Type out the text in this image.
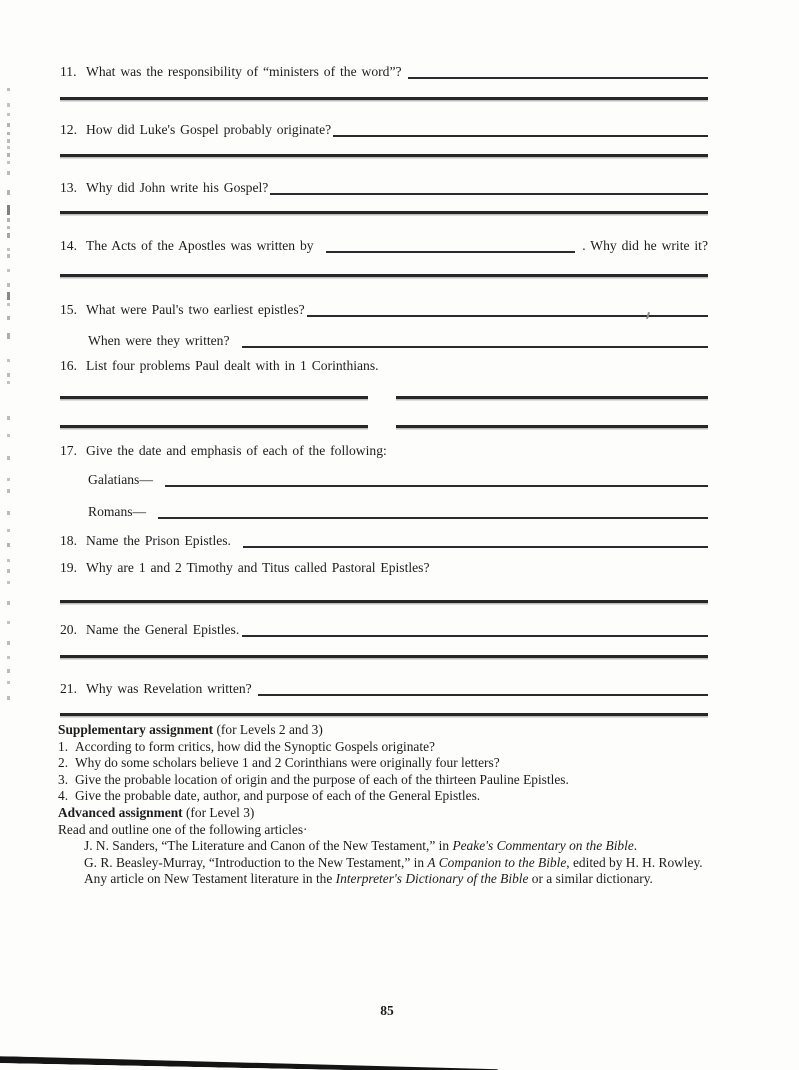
11. What was the responsibility of “ministers of the word”?
12. How did Luke's Gospel probably originate?
13. Why did John write his Gospel?
14. The Acts of the Apostles was written by	. Why did he write it?
15. What were Paul's two earliest epistles?
When were they written?
16. List four problems Paul dealt with in 1 Corinthians.
17. Give the date and emphasis of each of the following:
Galatians—
Romans—
18. Name the Prison Epistles.
19. Why are 1 and 2 Timothy and Titus called Pastoral Epistles?
20. Name the General Epistles.
21. Why was Revelation written?

Supplementary assignment (for Levels 2 and 3)

1. According to form critics, how did the Synoptic Gospels originate?

2. Why do some scholars believe 1 and 2 Corinthians were originally four letters?

3. Give the probable location of origin and the purpose of each of the thirteen Pauline Epistles.

4. Give the probable date, author, and purpose of each of the General Epistles.

Advanced assignment (for Level 3)

Read and outline one of the following articles·

J. N. Sanders, “The Literature and Canon of the New Testament,” in Peake's Commentary on the Bible.

G. R. Beasley-Murray, “Introduction to the New Testament,” in A Companion to the Bible, edited by H. H. Rowley.

Any article on New Testament literature in the Interpreter's Dictionary of the Bible or a similar dictionary.

85
